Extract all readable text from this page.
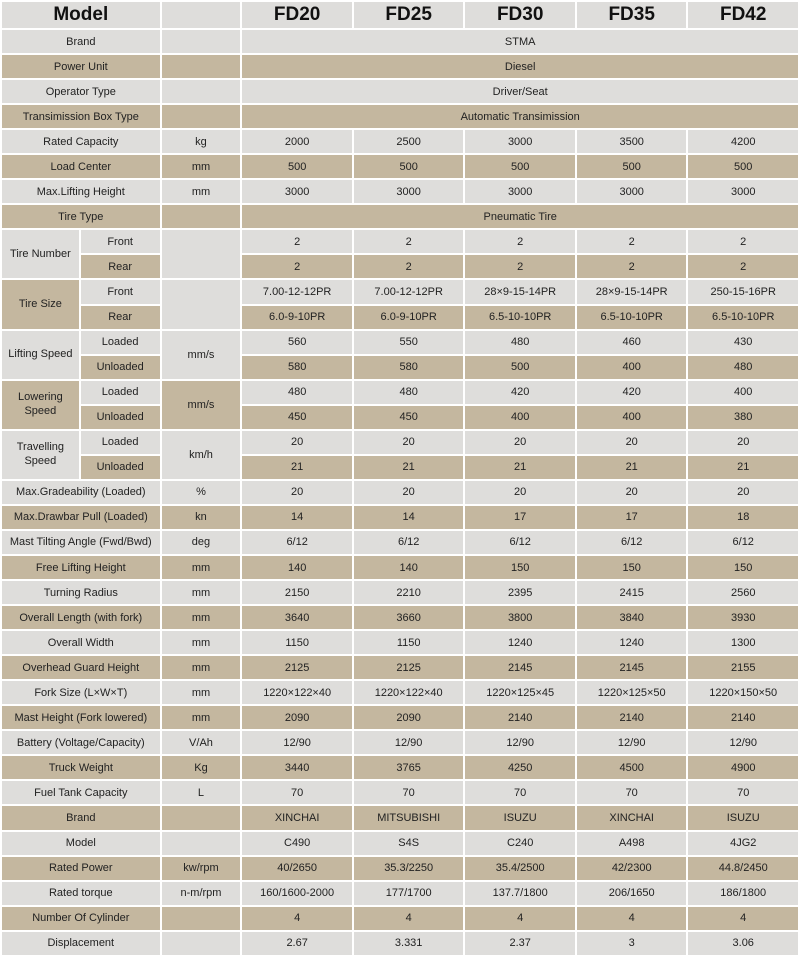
Model			FD20	FD25	FD30	FD35	FD42
Brand			STMA				
Power Unit			Diesel				
Operator Type			Driver/Seat				
Transimission Box Type			Automatic Transimission				
Rated Capacity		kg	2000	2500	3000	3500	4200
Load Center		mm	500	500	500	500	500
Max.Lifting Height		mm	3000	3000	3000	3000	3000
Tire Type			Pneumatic Tire				
Tire Number	Front		2	2	2	2	2
	Rear		2	2	2	2	2
Tire Size	Front		7.00-12-12PR	7.00-12-12PR	28×9-15-14PR	28×9-15-14PR	250-15-16PR
	Rear		6.0-9-10PR	6.0-9-10PR	6.5-10-10PR	6.5-10-10PR	6.5-10-10PR
Lifting Speed	Loaded	mm/s	560	550	480	460	430
	Unloaded		580	580	500	400	480
Lowering Speed	Loaded	mm/s	480	480	420	420	400
	Unloaded		450	450	400	400	380
Travelling Speed	Loaded	km/h	20	20	20	20	20
	Unloaded		21	21	21	21	21
Max.Gradeability (Loaded)		%	20	20	20	20	20
Max.Drawbar Pull (Loaded)		kn	14	14	17	17	18
Mast Tilting Angle (Fwd/Bwd)		deg	6/12	6/12	6/12	6/12	6/12
Free Lifting Height		mm	140	140	150	150	150
Turning Radius		mm	2150	2210	2395	2415	2560
Overall Length (with fork)		mm	3640	3660	3800	3840	3930
Overall Width		mm	1150	1150	1240	1240	1300
Overhead Guard Height		mm	2125	2125	2145	2145	2155
Fork Size (L×W×T)		mm	1220×122×40	1220×122×40	1220×125×45	1220×125×50	1220×150×50
Mast Height (Fork lowered)		mm	2090	2090	2140	2140	2140
Battery (Voltage/Capacity)		V/Ah	12/90	12/90	12/90	12/90	12/90
Truck Weight		Kg	3440	3765	4250	4500	4900
Fuel Tank Capacity		L	70	70	70	70	70
Brand			XINCHAI	MITSUBISHI	ISUZU	XINCHAI	ISUZU
Model			C490	S4S	C240	A498	4JG2
Rated Power		kw/rpm	40/2650	35.3/2250	35.4/2500	42/2300	44.8/2450
Rated torque		n-m/rpm	160/1600-2000	177/1700	137.7/1800	206/1650	186/1800
Number Of Cylinder			4	4	4	4	4
Displacement			2.67	3.331	2.37	3	3.06
